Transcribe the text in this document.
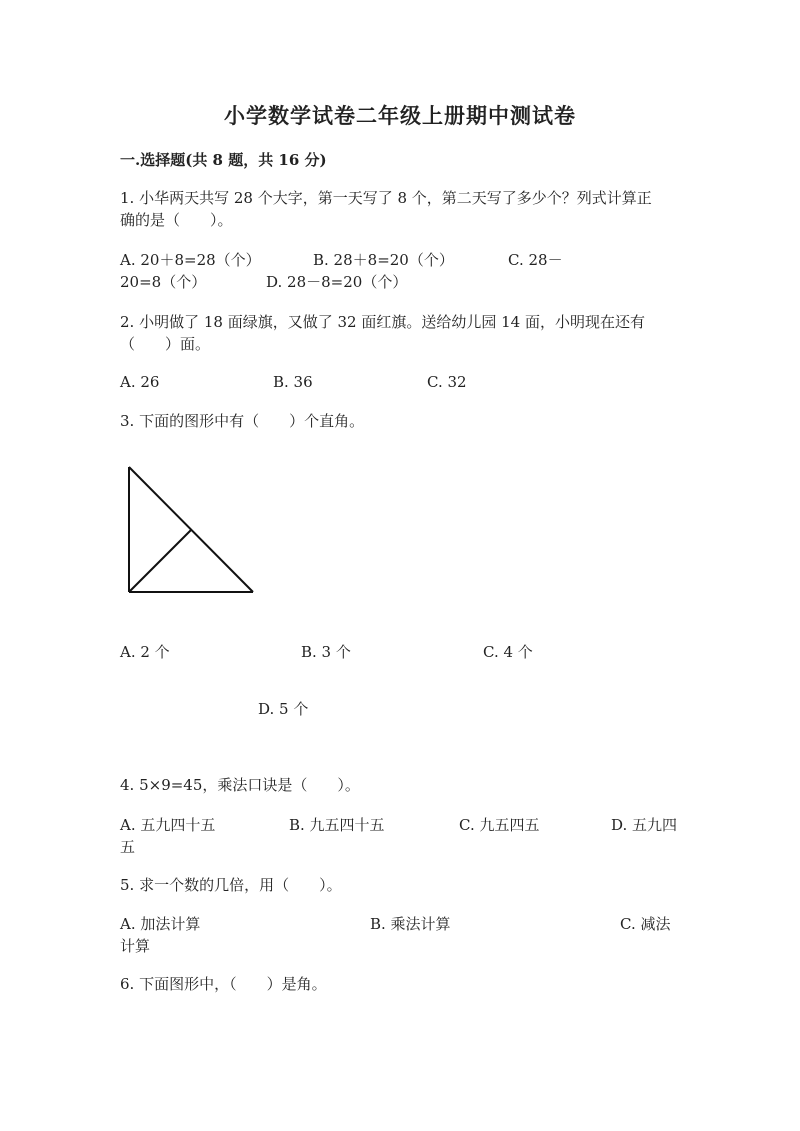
小学数学试卷二年级上册期中测试卷
一.选择题(共 8 题，共 16 分)
1. 小华两天共写 28 个大字，第一天写了 8 个，第二天写了多少个？列式计算正
确的是（　　）。
A. 20＋8=28（个）	B. 28＋8=20（个）	C. 28－
20=8（个）	D. 28－8=20（个）
2. 小明做了 18 面绿旗，又做了 32 面红旗。送给幼儿园 14 面，小明现在还有
（　　）面。
A. 26	B. 36	C. 32
3. 下面的图形中有（　　）个直角。
A. 2 个	B. 3 个	C. 4 个
D. 5 个
4. 5×9=45，乘法口诀是（　　）。
A. 五九四十五	B. 九五四十五	C. 九五四五	D. 五九四
五
5. 求一个数的几倍，用（　　）。
A. 加法计算	B. 乘法计算	C. 减法
计算
6. 下面图形中，（　　）是角。
